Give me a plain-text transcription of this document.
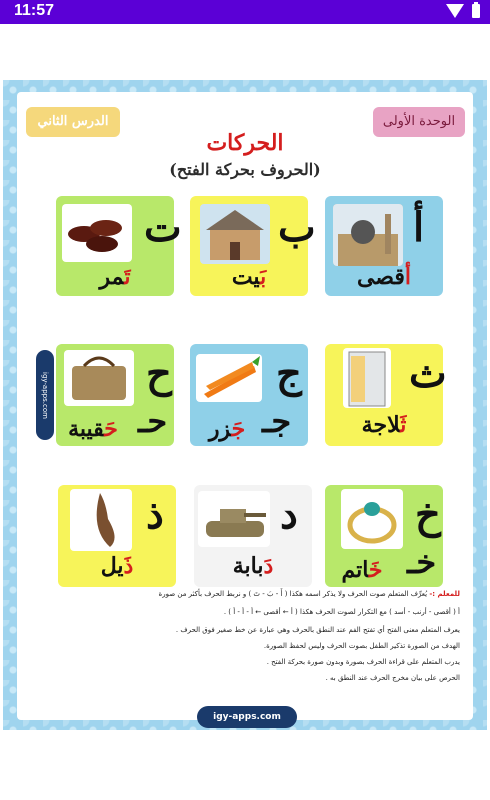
11:57
الوحدة الأولى
الدرس الثاني
الحركات
(الحروف بحركة الفتح)
igy-apps.com
أ
أقصى
ب
بَيت
ت
تَمر
ث
ثَلاجة
ج
جـ
جَزر
ح
حـ
حَقيبة
خ
خـ
خَاتم
د
دَبابة
ذ
ذَيل
للمعلم :- يُعرِّف المتعلم صوت الحرف ولا يذكر اسمه هكذا ( أَ - بَ - تَ ) و نربط الحرف بأكثر من صورة
أ ( أقصى - أرنب - أسد ) مع التكرار لصوت الحرف هكذا ( أ ← أقصى ← أ - أ - أ ) .
يعرف المتعلم معنى الفتح أي تفتح الفم عند النطق بالحرف وهي عبارة عن خط صغير فوق الحرف .
الهدف من الصورة تذكير الطفل بصوت الحرف وليس لحفظ الصورة.
يدرب المتعلم على قراءة الحرف بصورة وبدون صورة بحركة الفتح .
الحرص على بيان مخرج الحرف عند النطق به .
igy-apps.com
